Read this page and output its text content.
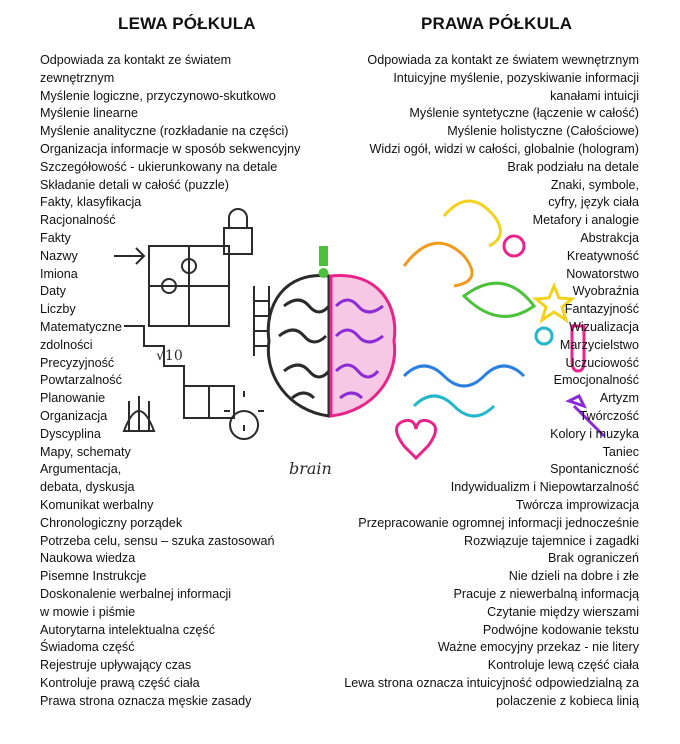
LEWA PÓŁKULA	PRAWA PÓŁKULA
√10
brain
Odpowiada za kontakt ze światem
zewnętrznym
Myślenie logiczne, przyczynowo-skutkowo
Myślenie linearne
Myślenie analityczne (rozkładanie na części)
Organizacja informacje w sposób sekwencyjny
Szczegółowość - ukierunkowany na detale
Składanie detali w całość (puzzle)
Fakty, klasyfikacja
Racjonalność
Fakty
Nazwy
Imiona
Daty
Liczby
Matematyczne
zdolności
Precyzyjność
Powtarzalność
Planowanie
Organizacja
Dyscyplina
Mapy, schematy
Argumentacja,
debata, dyskusja
Komunikat werbalny
Chronologiczny porządek
Potrzeba celu, sensu – szuka zastosowań
Naukowa wiedza
Pisemne Instrukcje
Doskonalenie werbalnej informacji
w mowie i piśmie
Autorytarna intelektualna część
Świadoma część
Rejestruje upływający czas
Kontroluje prawą część ciała
Prawa strona oznacza męskie zasady
Odpowiada za kontakt ze światem wewnętrznym
Intuicyjne myślenie, pozyskiwanie informacji
kanałami intuicji
Myślenie syntetyczne (łączenie w całość)
Myślenie holistyczne (Całościowe)
Widzi ogół, widzi w całości, globalnie (hologram)
Brak podziału na detale
Znaki, symbole,
cyfry, język ciała
Metafory i analogie
Abstrakcja
Kreatywność
Nowatorstwo
Wyobraźnia
Fantazyjność
Wizualizacja
Marzycielstwo
Uczuciowość
Emocjonalność
Artyzm
Twórczość
Kolory i muzyka
Taniec
Spontaniczność
Indywidualizm i Niepowtarzalność
Twórcza improwizacja
Przepracowanie ogromnej informacji jednocześnie
Rozwiązuje tajemnice i zagadki
Brak ograniczeń
Nie dzieli na dobre i złe
Pracuje z niewerbalną informacją
Czytanie między wierszami
Podwójne kodowanie tekstu
Ważne emocyjny przekaz - nie litery
Kontroluje lewą część ciała
Lewa strona oznacza intuicyjność odpowiedzialną za
polaczenie z kobieca linią
